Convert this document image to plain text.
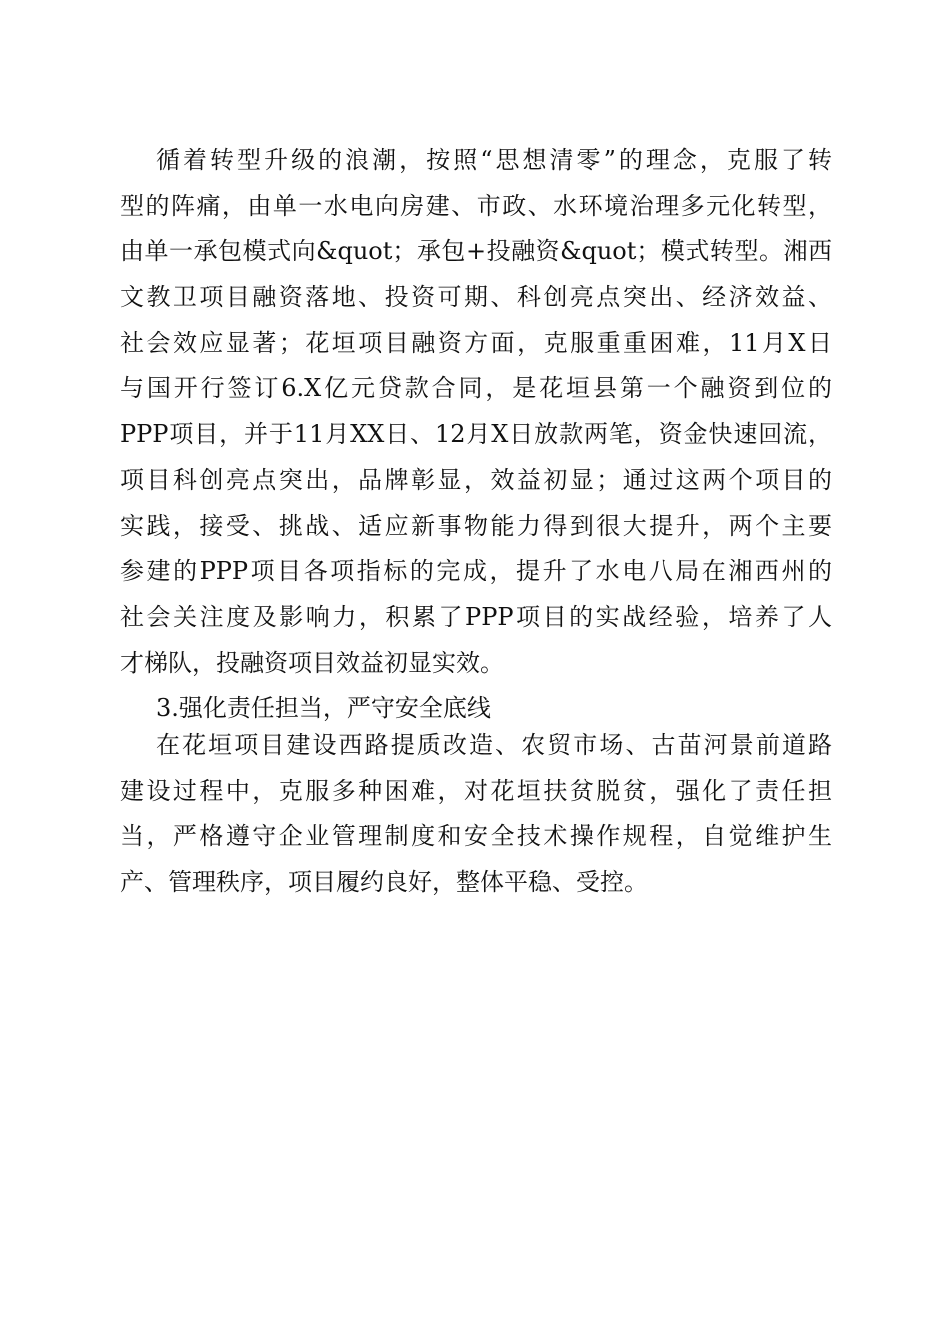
循着转型升级的浪潮，按照“思想清零”的理念，克服了转
型的阵痛，由单一水电向房建、市政、水环境治理多元化转型，
由单一承包模式向&quot；承包+投融资&quot；模式转型。湘西
文教卫项目融资落地、投资可期、科创亮点突出、经济效益、
社会效应显著；花垣项目融资方面，克服重重困难，11月X日
与国开行签订6.X亿元贷款合同，是花垣县第一个融资到位的
PPP项目，并于11月XX日、12月X日放款两笔，资金快速回流，
项目科创亮点突出，品牌彰显，效益初显；通过这两个项目的
实践，接受、挑战、适应新事物能力得到很大提升，两个主要
参建的PPP项目各项指标的完成，提升了水电八局在湘西州的
社会关注度及影响力，积累了PPP项目的实战经验，培养了人
才梯队，投融资项目效益初显实效。
3.强化责任担当，严守安全底线
在花垣项目建设西路提质改造、农贸市场、古苗河景前道路
建设过程中，克服多种困难，对花垣扶贫脱贫，强化了责任担
当，严格遵守企业管理制度和安全技术操作规程，自觉维护生
产、管理秩序，项目履约良好，整体平稳、受控。
